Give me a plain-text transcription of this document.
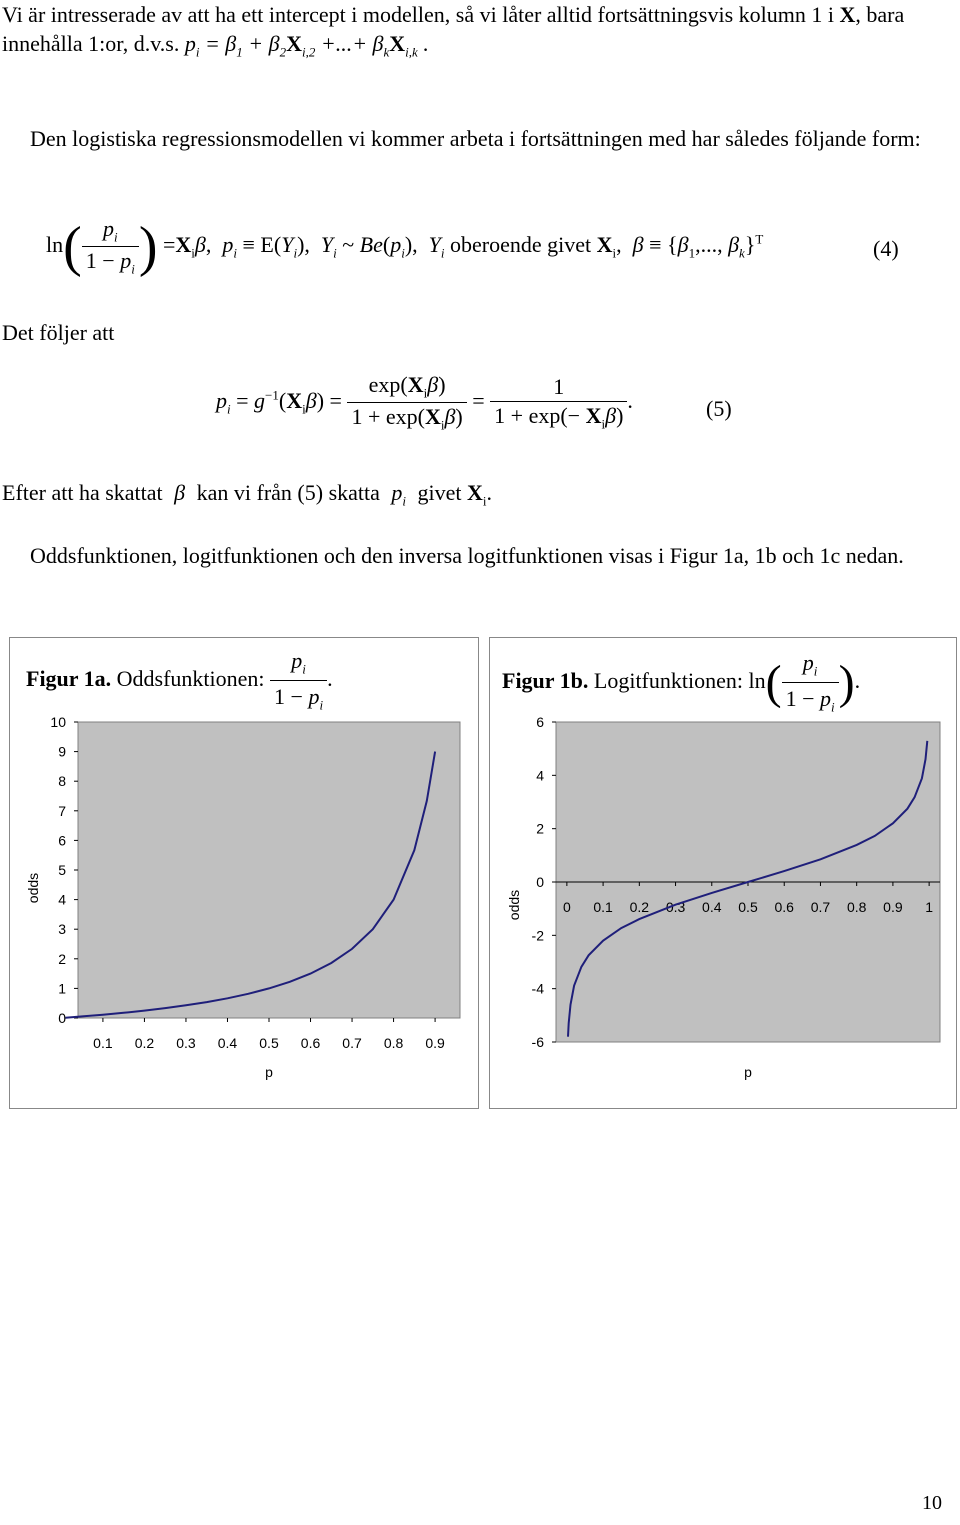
Vi är intresserade av att ha ett intercept i modellen, så vi låter alltid fortsättningsvis kolumn 1 i X, bara innehålla 1:or, d.v.s. $p_i = \beta_1 + \beta_2X_{i,2}$ +...+ $\beta_kX_{i,k}$ .

Den logistiska regressionsmodellen vi kommer arbeta i fortsättningen med har således följande form:

$\ln( \frac{p_i}{1 - p_i}$ ) $=X_i\beta$,  $p_i \equiv E(Y_i)$,  $Y_i$ ~ $Be(p_i)$,  $Y_i$ oberoende givet $X_i$,  $\beta \equiv \{\beta_1$,..., $\beta_k\}^T$	(4)

Det följer att

$p_i = g^{-1}(X_i\beta) = \frac{\exp(X_i\beta)}{1 + \exp(X_i\beta)} = \frac{1}{1 + \exp(- X_i\beta)}$ .	(5)

Efter att ha skattat β kan vi från (5) skatta $p_i$ givet $X_i$.

Oddsfunktionen, logitfunktionen och den inversa logitfunktionen visas i Figur 1a, 1b och 1c nedan.

Figur 1a. Oddsfunktionen: $\frac{p_i}{1 - p_i}$ .
0
1
2
3
4
5
6
7
8
9
10
0.1 0.2 0.3 0.4 0.5 0.6 0.7 0.8 0.9
p
odds
Figur 1b. Logitfunktionen: $\ln( \frac{p_i}{1 - p_i}$ ).
-6
-4
-2
0
2
4
6
0 0.1 0.2 0.3 0.4 0.5 0.6 0.7 0.8 0.9 1
p
odds
10
